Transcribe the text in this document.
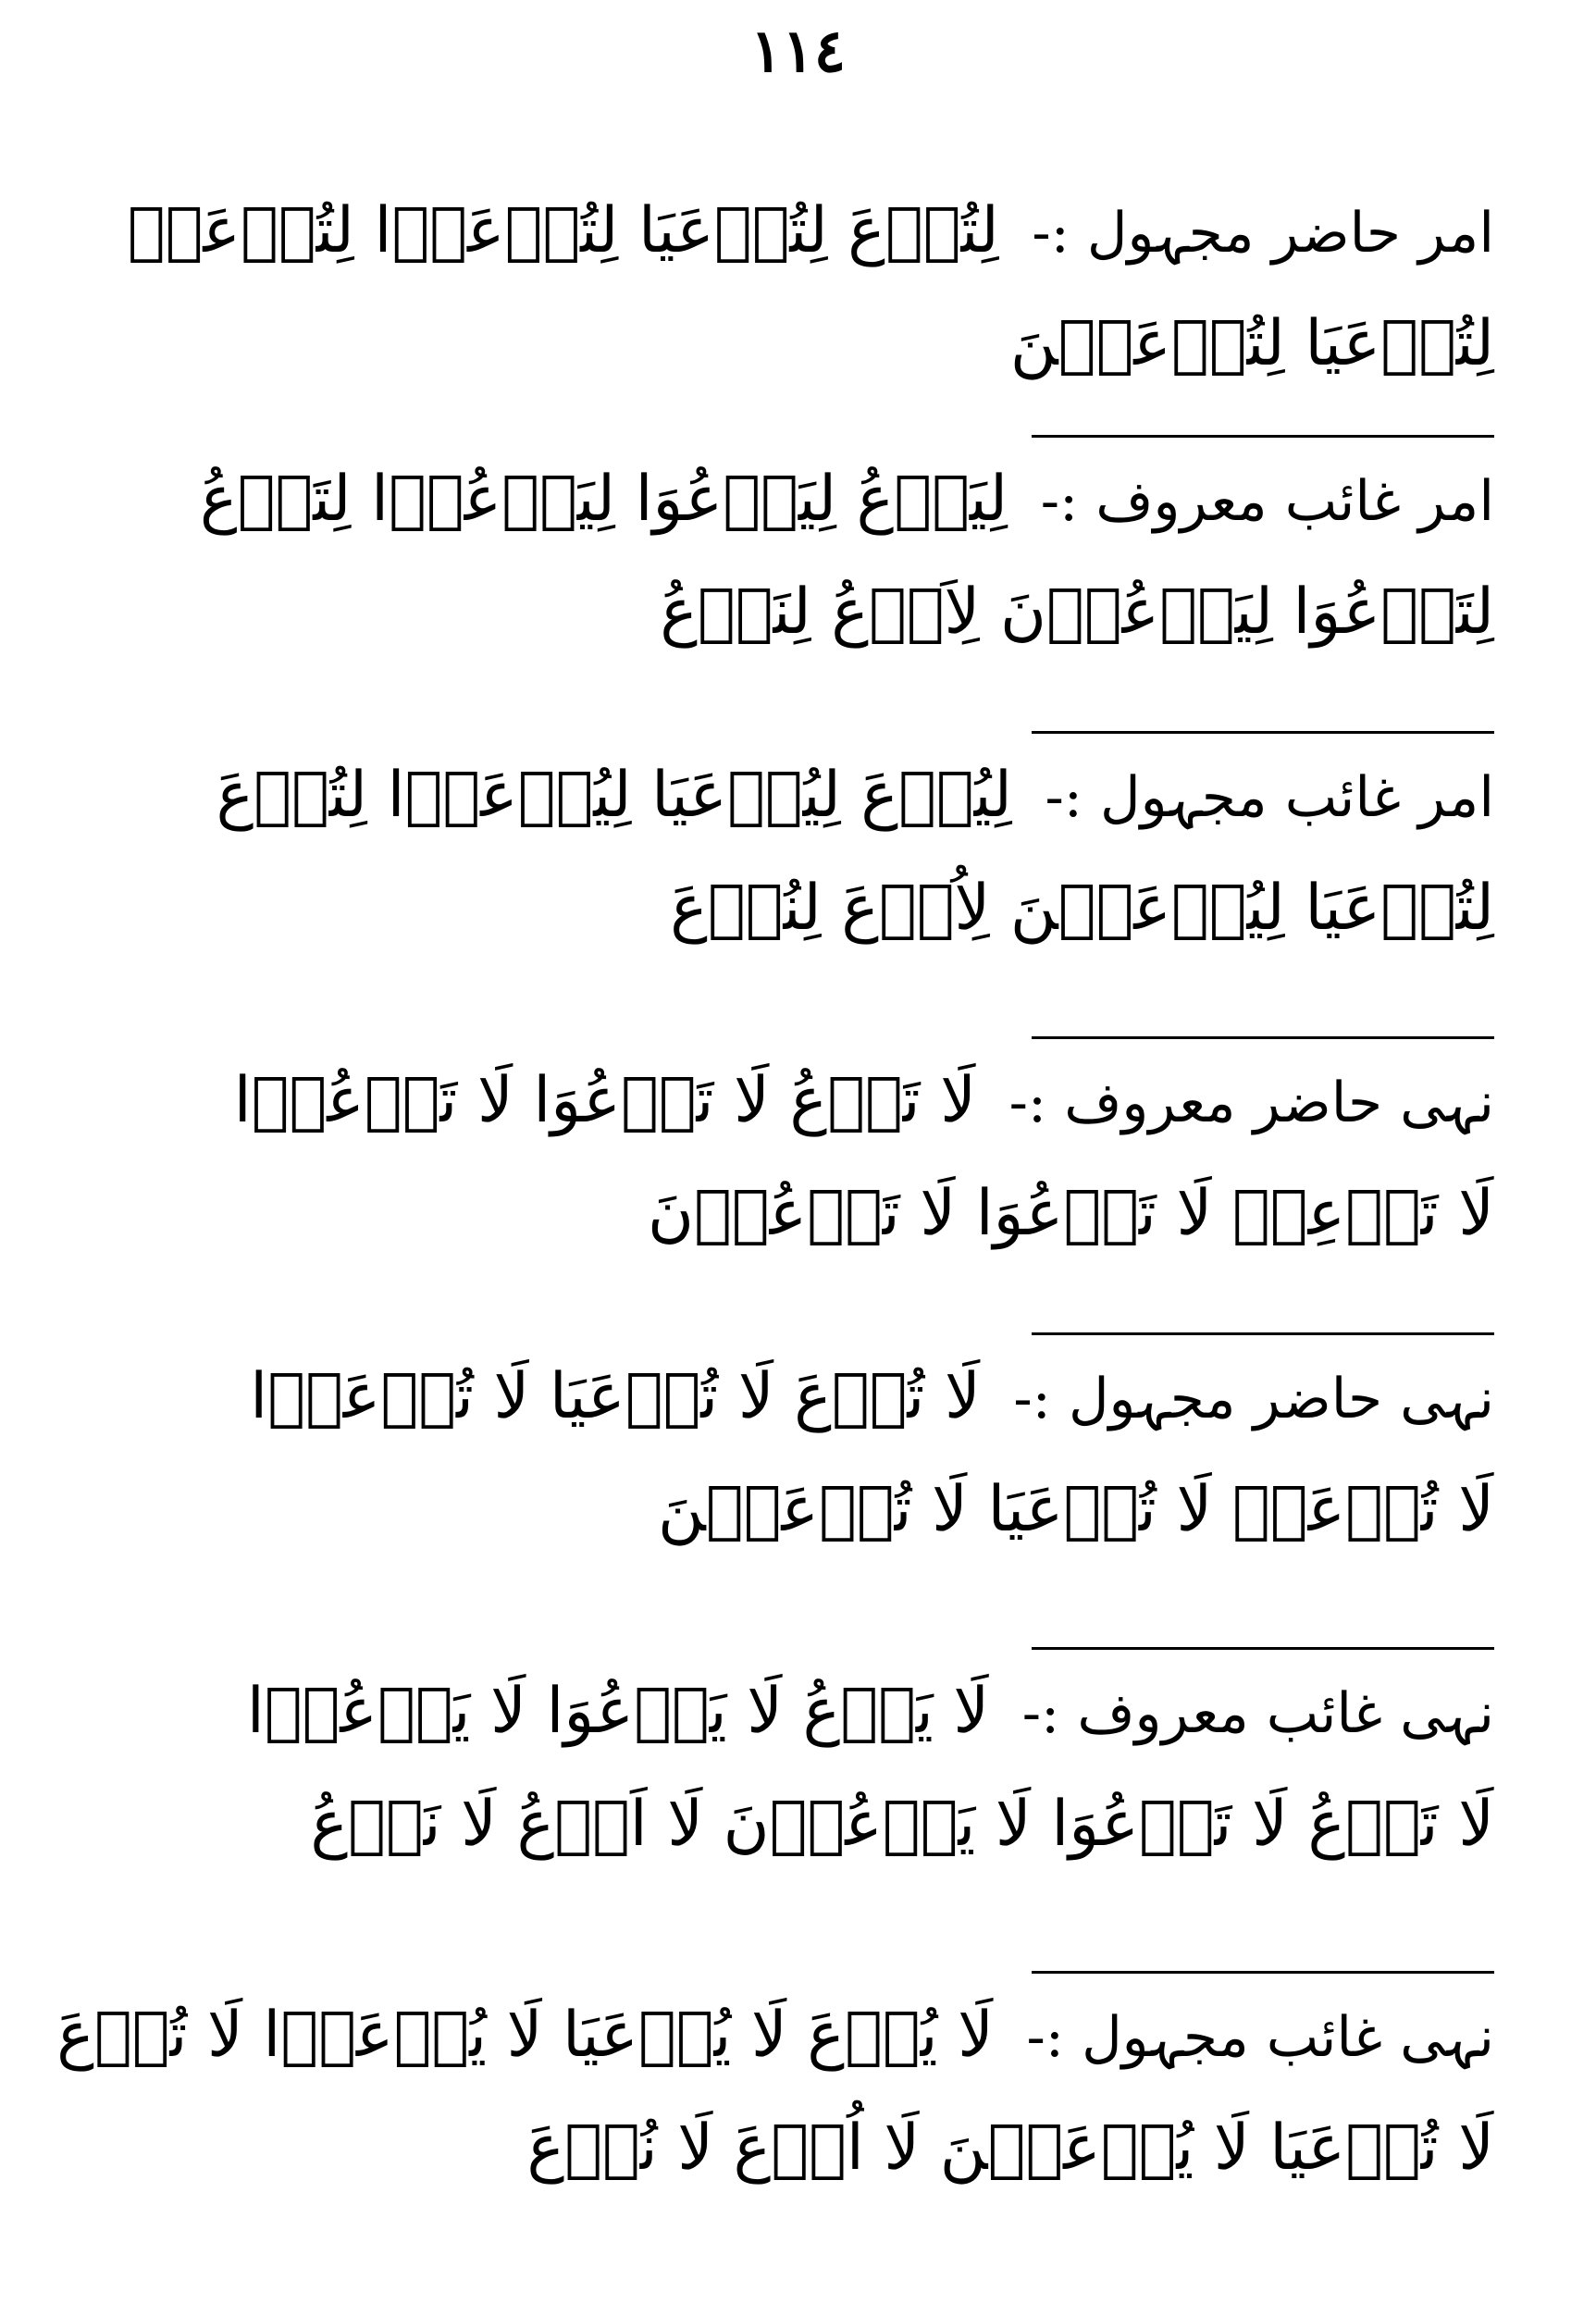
١١٤
امر حاضر مجہول :- لِتُدۡعَ لِتُدۡعَیَا لِتُدۡعَوۡا لِتُدۡعَیۡ
لِتُدۡعَیَا لِتُدۡعَیۡنَ
امر غائب معروف :- لِیَدۡعُ لِیَدۡعُوَا لِیَدۡعُوۡا لِتَدۡعُ
لِتَدۡعُوَا لِیَدۡعُوۡنَ لِاَدۡعُ لِنَدۡعُ
امر غائب مجہول :- لِیُدۡعَ لِیُدۡعَیَا لِیُدۡعَوۡا لِتُدۡعَ
لِتُدۡعَیَا لِیُدۡعَیۡنَ لِاُدۡعَ لِنُدۡعَ
نہی حاضر معروف :- لَا تَدۡعُ لَا تَدۡعُوَا لَا تَدۡعُوۡا
لَا تَدۡعِیۡ لَا تَدۡعُوَا لَا تَدۡعُوۡنَ
نہی حاضر مجہول :- لَا تُدۡعَ لَا تُدۡعَیَا لَا تُدۡعَوۡا
لَا تُدۡعَیۡ لَا تُدۡعَیَا لَا تُدۡعَیۡنَ
نہی غائب معروف :- لَا یَدۡعُ لَا یَدۡعُوَا لَا یَدۡعُوۡا
لَا تَدۡعُ لَا تَدۡعُوَا لَا یَدۡعُوۡنَ لَا اَدۡعُ لَا نَدۡعُ
نہی غائب مجہول :- لَا یُدۡعَ لَا یُدۡعَیَا لَا یُدۡعَوۡا لَا تُدۡعَ
لَا تُدۡعَیَا لَا یُدۡعَیۡنَ لَا اُدۡعَ لَا نُدۡعَ
